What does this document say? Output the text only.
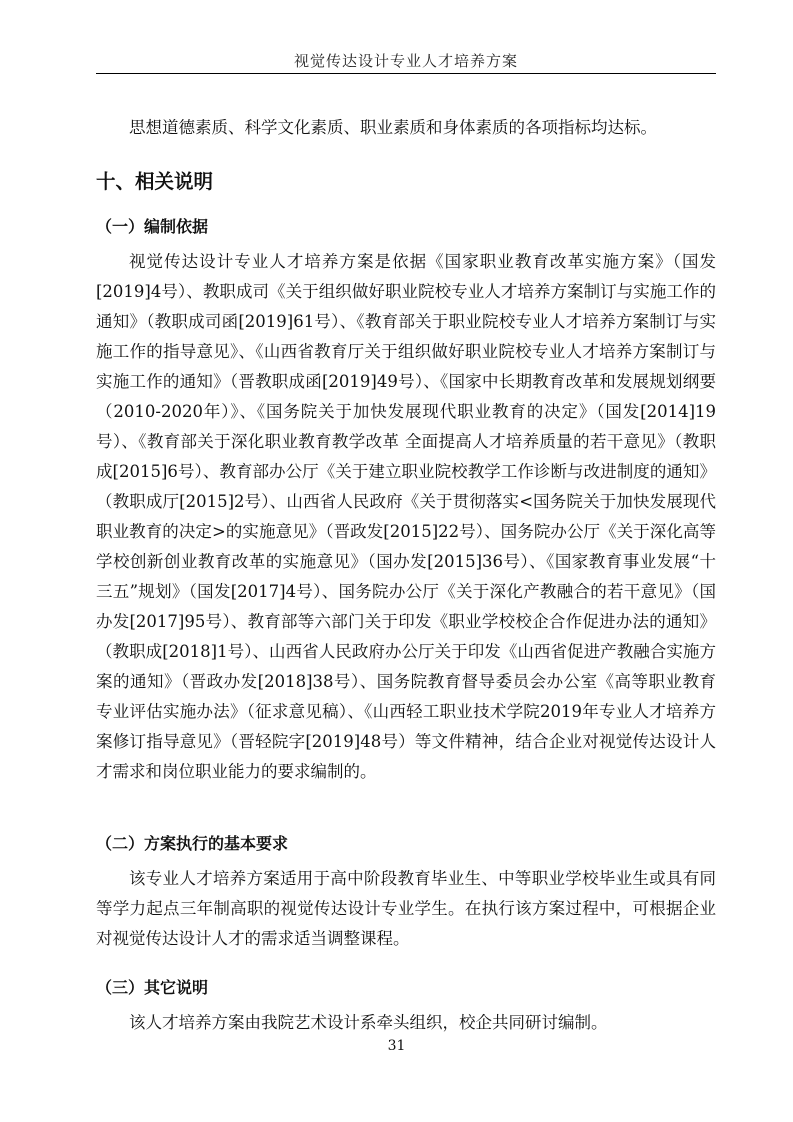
视觉传达设计专业人才培养方案

思想道德素质、科学文化素质、职业素质和身体素质的各项指标均达标。

十、相关说明
（一）编制依据

视觉传达设计专业人才培养方案是依据《国家职业教育改革实施方案》（国发[2019]4号）、教职成司《关于组织做好职业院校专业人才培养方案制订与实施工作的通知》（教职成司函[2019]61号）、《教育部关于职业院校专业人才培养方案制订与实施工作的指导意见》、《山西省教育厅关于组织做好职业院校专业人才培养方案制订与实施工作的通知》（晋教职成函[2019]49号）、《国家中长期教育改革和发展规划纲要（2010-2020年）》、《国务院关于加快发展现代职业教育的决定》（国发[2014]19号）、《教育部关于深化职业教育教学改革 全面提高人才培养质量的若干意见》（教职成[2015]6号）、教育部办公厅《关于建立职业院校教学工作诊断与改进制度的通知》（教职成厅[2015]2号）、山西省人民政府《关于贯彻落实<国务院关于加快发展现代职业教育的决定>的实施意见》（晋政发[2015]22号）、国务院办公厅《关于深化高等学校创新创业教育改革的实施意见》（国办发[2015]36号）、《国家教育事业发展“十三五”规划》（国发[2017]4号）、国务院办公厅《关于深化产教融合的若干意见》（国办发[2017]95号）、教育部等六部门关于印发《职业学校校企合作促进办法的通知》（教职成[2018]1号）、山西省人民政府办公厅关于印发《山西省促进产教融合实施方案的通知》（晋政办发[2018]38号）、国务院教育督导委员会办公室《高等职业教育专业评估实施办法》（征求意见稿）、《山西轻工职业技术学院2019年专业人才培养方案修订指导意见》（晋轻院字[2019]48号）等文件精神，结合企业对视觉传达设计人才需求和岗位职业能力的要求编制的。

（二）方案执行的基本要求

该专业人才培养方案适用于高中阶段教育毕业生、中等职业学校毕业生或具有同等学力起点三年制高职的视觉传达设计专业学生。在执行该方案过程中，可根据企业对视觉传达设计人才的需求适当调整课程。

（三）其它说明

该人才培养方案由我院艺术设计系牵头组织，校企共同研讨编制。

31
